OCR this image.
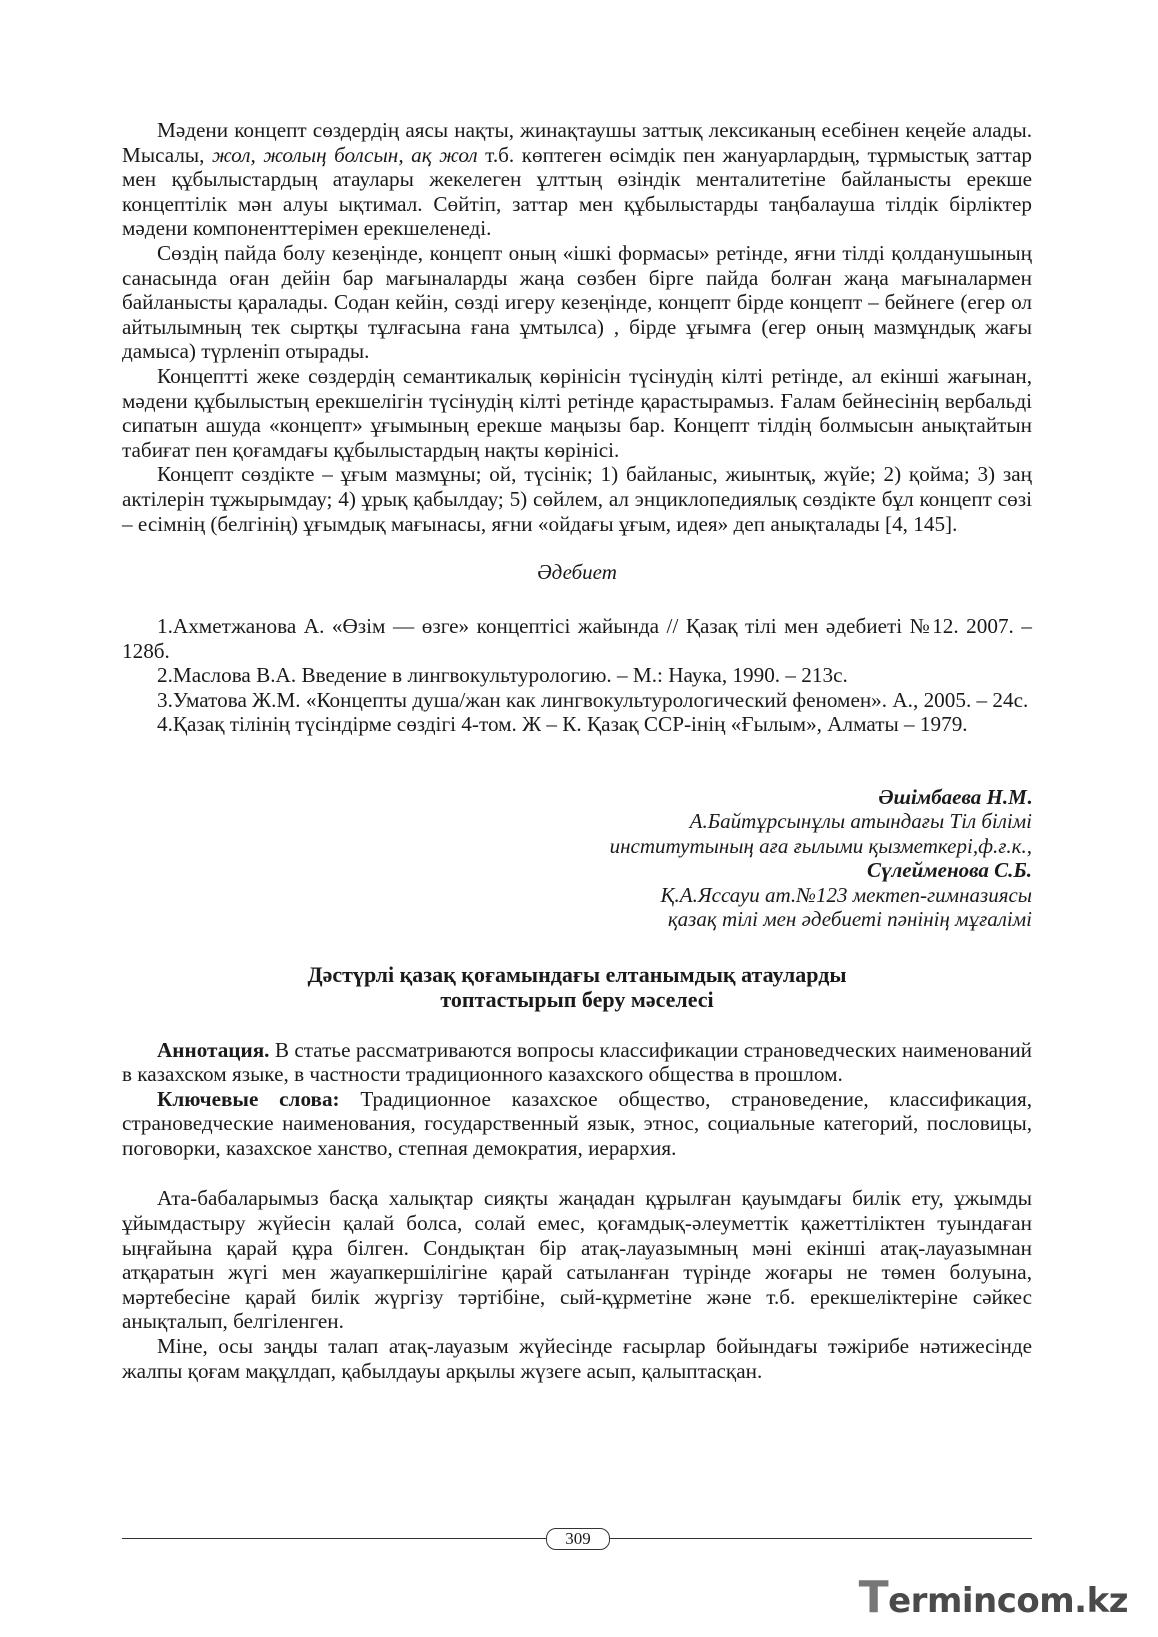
Мәдени концепт сөздердің аясы нақты, жинақтаушы заттық лексиканың есебінен кеңейе алады. Мысалы, жол, жолың болсын, ақ жол т.б. көптеген өсімдік пен жануарлардың, тұрмыстық заттар мен құбылыстардың атаулары жекелеген ұлттың өзіндік менталитетіне байланысты ерекше концептілік мән алуы ықтимал. Сөйтіп, заттар мен құбылыстарды таңбалауша тілдік бірліктер мәдени компоненттерімен ерекшеленеді.

Сөздің пайда болу кезеңінде, концепт оның «ішкі формасы» ретінде, яғни тілді қолданушының санасында оған дейін бар мағыналарды жаңа сөзбен бірге пайда болған жаңа мағыналармен байланысты қаралады. Содан кейін, сөзді игеру кезеңінде, концепт бірде концепт – бейнеге (егер ол айтылымның тек сыртқы тұлғасына ғана ұмтылса) , бірде ұғымға (егер оның мазмұндық жағы дамыса) түрленіп отырады.

Концептті жеке сөздердің семантикалық көрінісін түсінудің кілті ретінде, ал екінші жағынан, мәдени құбылыстың ерекшелігін түсінудің кілті ретінде қарастырамыз. Ғалам бейнесінің вербальді сипатын ашуда «концепт» ұғымының ерекше маңызы бар. Концепт тілдің болмысын анықтайтын табиғат пен қоғамдағы құбылыстардың нақты көрінісі.

Концепт сөздікте – ұғым мазмұны; ой, түсінік; 1) байланыс, жиынтық, жүйе; 2) қойма; 3) заң актілерін тұжырымдау; 4) ұрық қабылдау; 5) сөйлем, ал энциклопедиялық сөздікте бұл концепт сөзі – есімнің (белгінің) ұғымдық мағынасы, яғни «ойдағы ұғым, идея» деп анықталады [4, 145].

Әдебиет

1.Ахметжанова А. «Өзім — өзге» концептісі жайында // Қазақ тілі мен әдебиеті №12. 2007. – 128б.

2.Маслова В.А. Введение в лингвокультурологию. – М.: Наука, 1990. – 213с.

3.Уматова Ж.М. «Концепты душа/жан как лингвокультурологический феномен». А., 2005. – 24с.

4.Қазақ тілінің түсіндірме сөздігі 4-том. Ж – К. Қазақ ССР-інің «Ғылым», Алматы – 1979.

Әшімбаева Н.М.
А.Байтұрсынұлы атындағы Тіл білімі
институтының аға ғылыми қызметкері,ф.ғ.к.,
Сүлейменова С.Б.
Қ.А.Яссауи ат.№123 мектеп-гимназиясы
қазақ тілі мен әдебиеті пәнінің мұғалімі
Дәстүрлі қазақ қоғамындағы елтанымдық атауларды
топтастырып беру мәселесі

Аннотация. В статье рассматриваются вопросы классификации страноведческих наименований в казахском языке, в частности традиционного казахского общества в прошлом.

Ключевые слова: Традиционное казахское общество, страноведение, классификация, страноведческие наименования, государственный язык, этнос, социальные категорий, пословицы, поговорки, казахское ханство, степная демократия, иерархия.

Ата-бабаларымыз басқа халықтар сияқты жаңадан құрылған қауымдағы билік ету, ұжымды ұйымдастыру жүйесін қалай болса, солай емес, қоғамдық-әлеуметтік қажеттіліктен туындаған ыңғайына қарай құра білген. Сондықтан бір атақ-лауазымның мәні екінші атақ-лауазымнан атқаратын жүгі мен жауапкершілігіне қарай сатыланған түрінде жоғары не төмен болуына, мәртебесіне қарай билік жүргізу тәртібіне, сый-құрметіне және т.б. ерекшеліктеріне сәйкес анықталып, белгіленген.

Міне, осы заңды талап атақ-лауазым жүйесінде ғасырлар бойындағы тәжірибе нәтижесінде жалпы қоғам мақұлдап, қабылдауы арқылы жүзеге асып, қалыптасқан.

309
Termincom.kz
